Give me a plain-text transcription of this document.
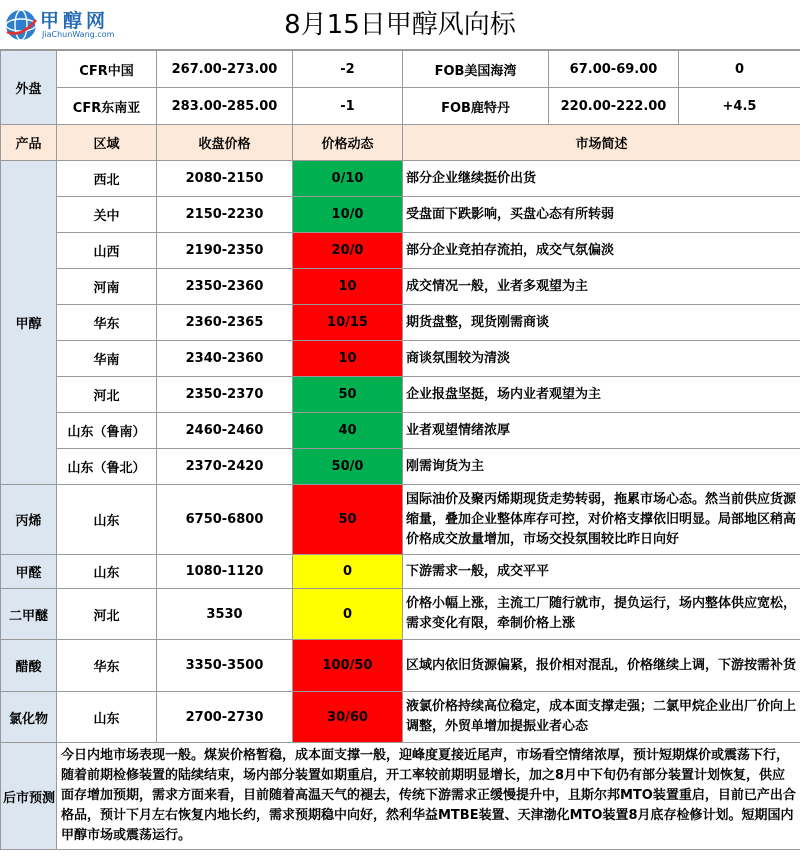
甲醇网
JiaChunWang.com	8月15日甲醇风向标
外盘	CFR中国	267.00-273.00	-2	FOB美国海湾	67.00-69.00	0
	CFR东南亚	283.00-285.00	-1	FOB鹿特丹	220.00-222.00	+4.5
产品	区域	收盘价格	价格动态	市场简述		
甲醇	西北	2080-2150	0/10	部分企业继续挺价出货		
	关中	2150-2230	10/0	受盘面下跌影响，买盘心态有所转弱		
	山西	2190-2350	20/0	部分企业竞拍存流拍，成交气氛偏淡		
	河南	2350-2360	10	成交情况一般，业者多观望为主		
	华东	2360-2365	10/15	期货盘整，现货刚需商谈		
	华南	2340-2360	10	商谈氛围较为清淡		
	河北	2350-2370	50	企业报盘坚挺，场内业者观望为主		
	山东（鲁南）	2460-2460	40	业者观望情绪浓厚		
	山东（鲁北）	2370-2420	50/0	刚需询货为主		
丙烯	山东	6750-6800	50	国际油价及聚丙烯期现货走势转弱，拖累市场心态。然当前供应货源缩量，叠加企业整体库存可控，对价格支撑依旧明显。局部地区稍高价格成交放量增加，市场交投氛围较比昨日向好		
甲醛	山东	1080-1120	0	下游需求一般，成交平平		
二甲醚	河北	3530	0	价格小幅上涨，主流工厂随行就市，提负运行，场内整体供应宽松，需求变化有限，牵制价格上涨		
醋酸	华东	3350-3500	100/50	区域内依旧货源偏紧，报价相对混乱，价格继续上调，下游按需补货		
氯化物	山东	2700-2730	30/60	液氯价格持续高位稳定，成本面支撑走强；二氯甲烷企业出厂价向上调整，外贸单增加提振业者心态		
后市预测	今日内地市场表现一般。煤炭价格暂稳，成本面支撑一般，迎峰度夏接近尾声，市场看空情绪浓厚，预计短期煤价或震荡下行，随着前期检修装置的陆续结束，场内部分装置如期重启，开工率较前期明显增长，加之8月中下旬仍有部分装置计划恢复，供应面存增加预期，需求方面来看，目前随着高温天气的褪去，传统下游需求正缓慢提升中，且斯尔邦MTO装置重启，目前已产出合格品，预计下月左右恢复内地长约，需求预期稳中向好，然利华益MTBE装置、天津渤化MTO装置8月底存检修计划。短期国内甲醇市场或震荡运行。					
